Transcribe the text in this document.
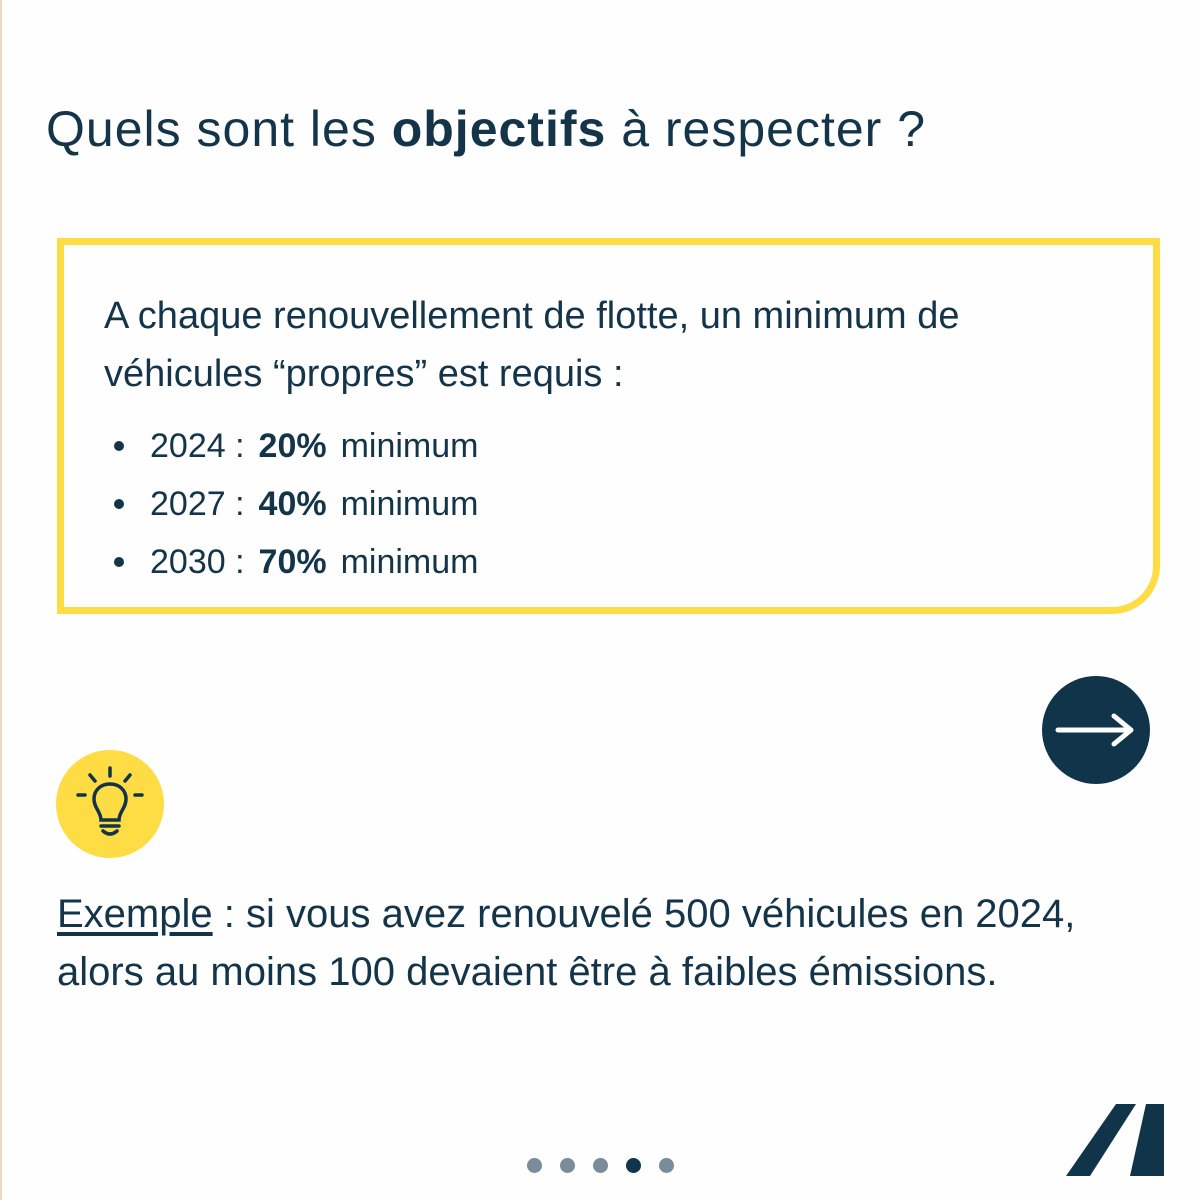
Quels sont les objectifs à respecter ?

A chaque renouvellement de flotte, un minimum de véhicules “propres” est requis :

2024 : 20% minimum
2027 : 40% minimum
2030 : 70% minimum

Exemple : si vous avez renouvelé 500 véhicules en 2024, alors au moins 100 devaient être à faibles émissions.
